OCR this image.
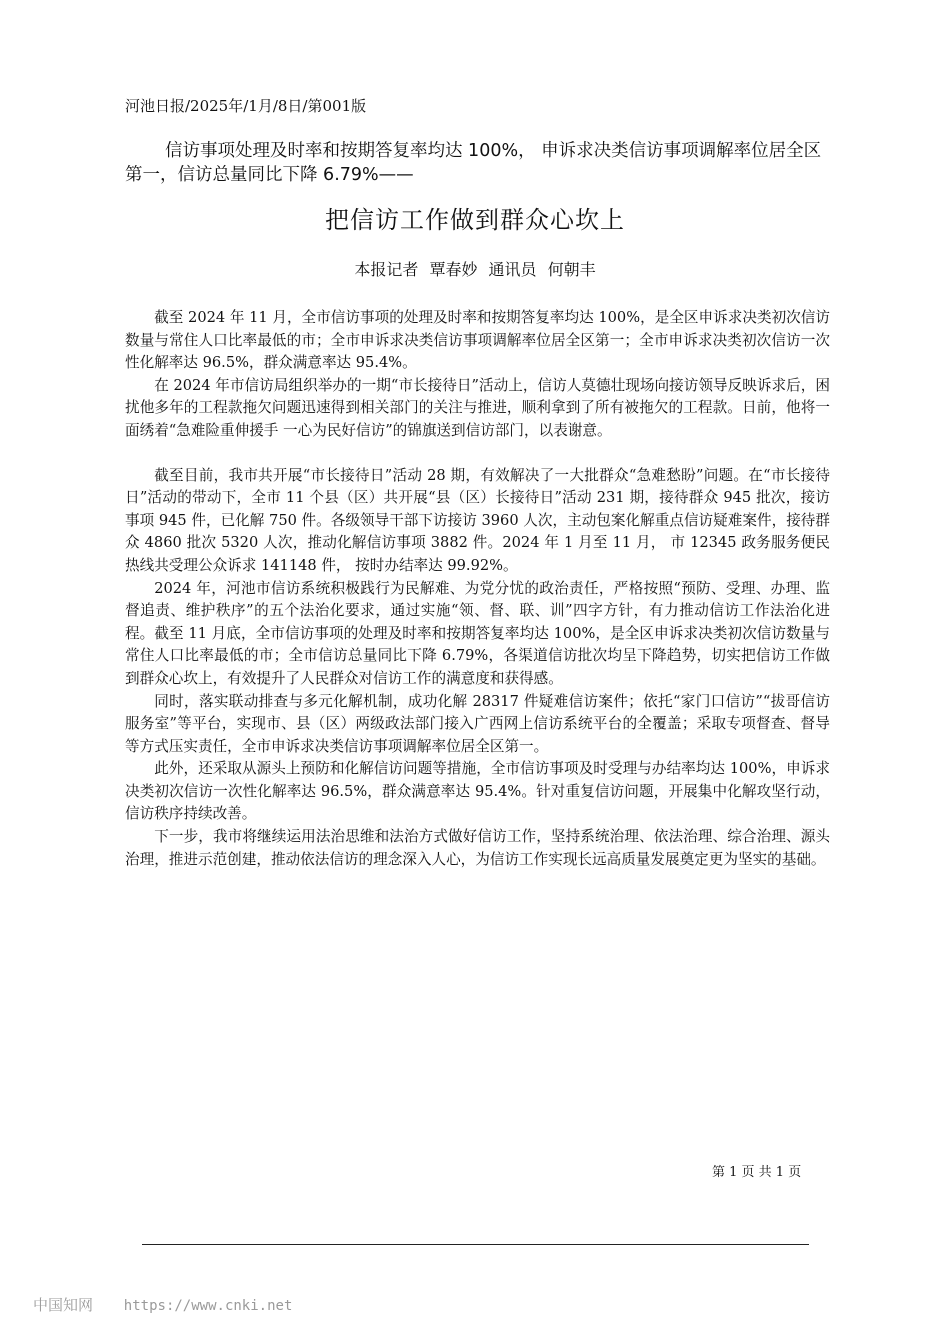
河池日报/2025年/1月/8日/第001版
信访事项处理及时率和按期答复率均达 100%， 申诉求决类信访事项调解率位居全区第一，信访总量同比下降 6.79%——
把信访工作做到群众心坎上
本报记者 覃春妙 通讯员 何朝丰

截至 2024 年 11 月，全市信访事项的处理及时率和按期答复率均达 100%，是全区申诉求决类初次信访数量与常住人口比率最低的市；全市申诉求决类信访事项调解率位居全区第一；全市申诉求决类初次信访一次性化解率达 96.5%，群众满意率达 95.4%。

在 2024 年市信访局组织举办的一期“市长接待日”活动上，信访人莫德壮现场向接访领导反映诉求后，困扰他多年的工程款拖欠问题迅速得到相关部门的关注与推进，顺利拿到了所有被拖欠的工程款。日前，他将一面绣着“急难险重伸援手 一心为民好信访”的锦旗送到信访部门，以表谢意。

截至目前，我市共开展“市长接待日”活动 28 期，有效解决了一大批群众“急难愁盼”问题。在“市长接待日”活动的带动下，全市 11 个县（区）共开展“县（区）长接待日”活动 231 期，接待群众 945 批次，接访事项 945 件，已化解 750 件。各级领导干部下访接访 3960 人次，主动包案化解重点信访疑难案件，接待群众 4860 批次 5320 人次，推动化解信访事项 3882 件。2024 年 1 月至 11 月， 市 12345 政务服务便民热线共受理公众诉求 141148 件， 按时办结率达 99.92%。

2024 年，河池市信访系统积极践行为民解难、为党分忧的政治责任，严格按照“预防、受理、办理、监督追责、维护秩序”的五个法治化要求，通过实施“领、督、联、训”四字方针，有力推动信访工作法治化进程。截至 11 月底，全市信访事项的处理及时率和按期答复率均达 100%，是全区申诉求决类初次信访数量与常住人口比率最低的市；全市信访总量同比下降 6.79%，各渠道信访批次均呈下降趋势，切实把信访工作做到群众心坎上，有效提升了人民群众对信访工作的满意度和获得感。

同时，落实联动排查与多元化解机制，成功化解 28317 件疑难信访案件；依托“家门口信访”“拔哥信访服务室”等平台，实现市、县（区）两级政法部门接入广西网上信访系统平台的全覆盖；采取专项督查、督导等方式压实责任，全市申诉求决类信访事项调解率位居全区第一。

此外，还采取从源头上预防和化解信访问题等措施，全市信访事项及时受理与办结率均达 100%，申诉求决类初次信访一次性化解率达 96.5%，群众满意率达 95.4%。针对重复信访问题，开展集中化解攻坚行动，信访秩序持续改善。

下一步，我市将继续运用法治思维和法治方式做好信访工作，坚持系统治理、依法治理、综合治理、源头治理，推进示范创建，推动依法信访的理念深入人心，为信访工作实现长远高质量发展奠定更为坚实的基础。

第 1 页 共 1 页
中国知网 https://www.cnki.net
